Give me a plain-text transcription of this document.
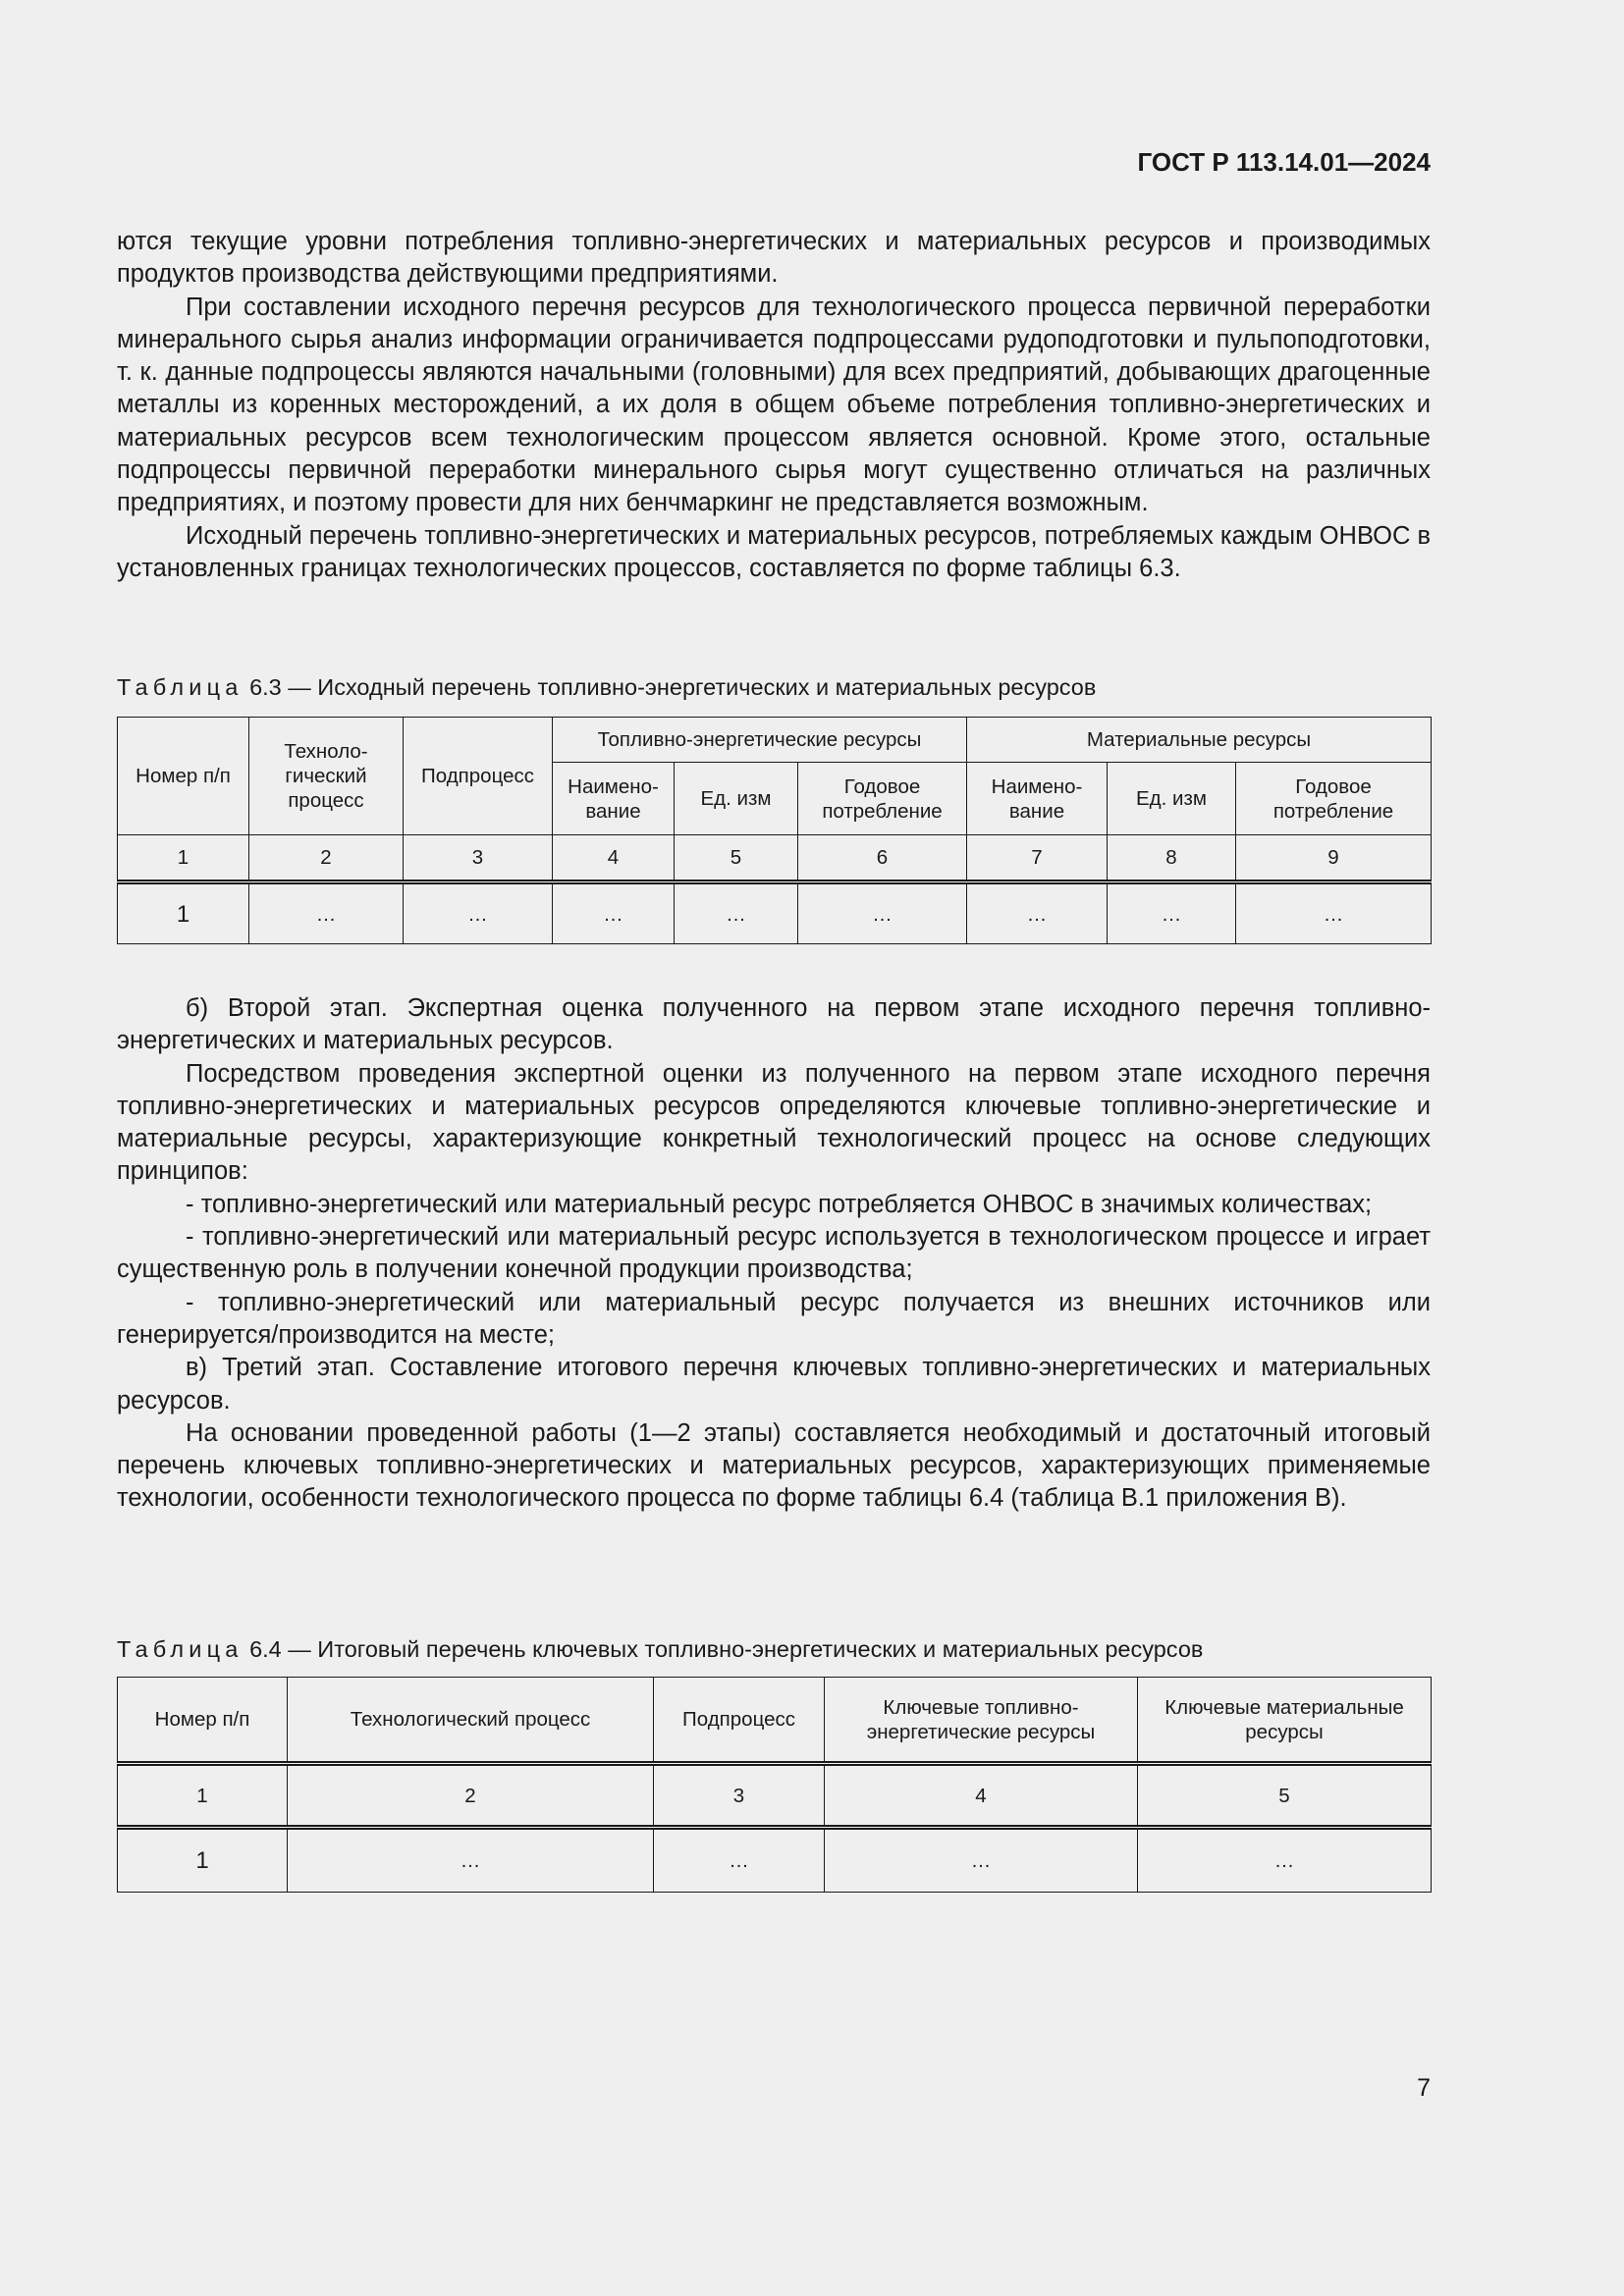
ГОСТ Р 113.14.01—2024

ются текущие уровни потребления топливно-энергетических и материальных ресурсов и производимых продуктов производства действующими предприятиями.

При составлении исходного перечня ресурсов для технологического процесса первичной переработки минерального сырья анализ информации ограничивается подпроцессами рудоподготовки и пульпоподготовки, т. к. данные подпроцессы являются начальными (головными) для всех предприятий, добывающих драгоценные металлы из коренных месторождений, а их доля в общем объеме потребления топливно-энергетических и материальных ресурсов всем технологическим процессом является основной. Кроме этого, остальные подпроцессы первичной переработки минерального сырья могут существенно отличаться на различных предприятиях, и поэтому провести для них бенчмаркинг не представляется возможным.

Исходный перечень топливно-энергетических и материальных ресурсов, потребляемых каждым ОНВОС в установленных границах технологических процессов, составляется по форме таблицы 6.3.

Таблица 6.3 — Исходный перечень топливно-энергетических и материальных ресурсов
Номер п/п	Техноло-гический процесс	Подпроцесс	Топливно-энергетические ресурсы			Материальные ресурсы		
			Наимено-вание	Ед. изм	Годовое потребление	Наимено-вание	Ед. изм	Годовое потребление
1	2	3	4	5	6	7	8	9
1	…	…	…	…	…	…	…	…

б) Второй этап. Экспертная оценка полученного на первом этапе исходного перечня топливно-энергетических и материальных ресурсов.

Посредством проведения экспертной оценки из полученного на первом этапе исходного перечня топливно-энергетических и материальных ресурсов определяются ключевые топливно-энергетические и материальные ресурсы, характеризующие конкретный технологический процесс на основе следующих принципов:

- топливно-энергетический или материальный ресурс потребляется ОНВОС в значимых количествах;

- топливно-энергетический или материальный ресурс используется в технологическом процессе и играет существенную роль в получении конечной продукции производства;

- топливно-энергетический или материальный ресурс получается из внешних источников или генерируется/производится на месте;

в) Третий этап. Составление итогового перечня ключевых топливно-энергетических и материальных ресурсов.

На основании проведенной работы (1—2 этапы) составляется необходимый и достаточный итоговый перечень ключевых топливно-энергетических и материальных ресурсов, характеризующих применяемые технологии, особенности технологического процесса по форме таблицы 6.4 (таблица В.1 приложения В).

Таблица 6.4 — Итоговый перечень ключевых топливно-энергетических и материальных ресурсов
Номер п/п	Технологический процесс	Подпроцесс	Ключевые топливно-энергетические ресурсы	Ключевые материальные ресурсы
1	2	3	4	5
1	…	…	…	…
7
